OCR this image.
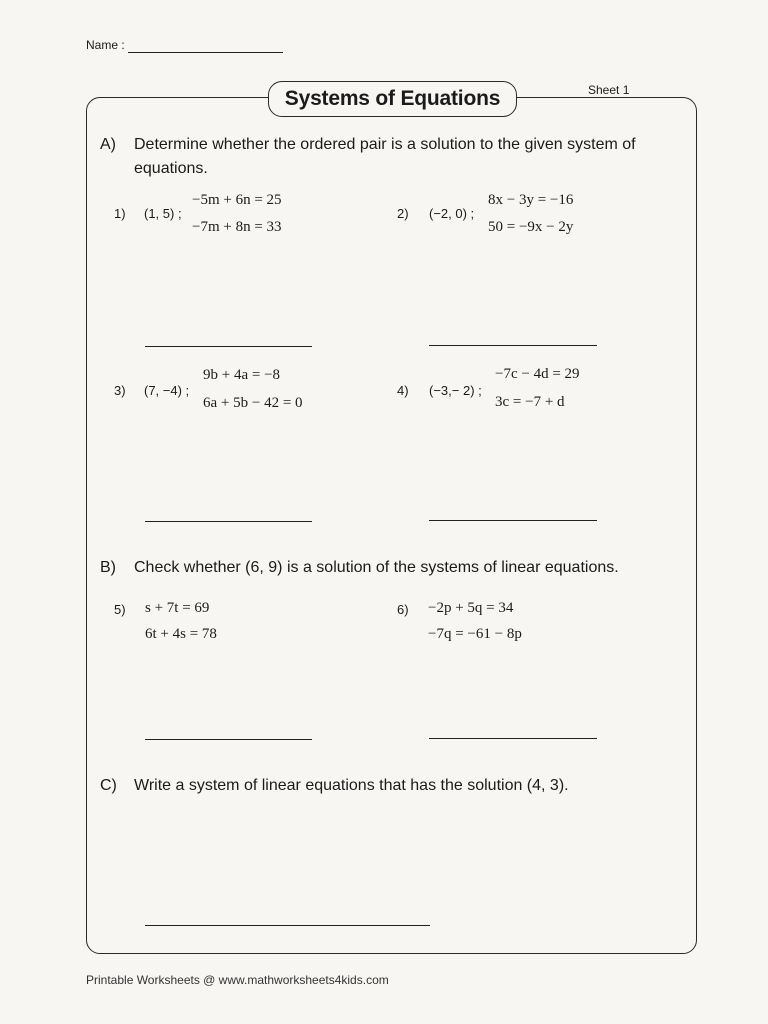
Name :
Sheet 1
Systems of Equations
A)	Determine whether the ordered pair is a solution to the given system of
equations.
1) (1, 5) ;
−5m + 6n = 25
−7m + 8n = 33
2) (−2, 0) ;
8x − 3y = −16
50 = −9x − 2y
3) (7, −4) ;
9b + 4a = −8
6a + 5b − 42 = 0
4) (−3,− 2) ;
−7c − 4d = 29
3c = −7 + d
B)	Check whether (6, 9) is a solution of the systems of linear equations.
5) s + 7t = 69
6t + 4s = 78
6) −2p + 5q = 34
−7q = −61 − 8p
C)	Write a system of linear equations that has the solution (4, 3).
Printable Worksheets @ www.mathworksheets4kids.com
